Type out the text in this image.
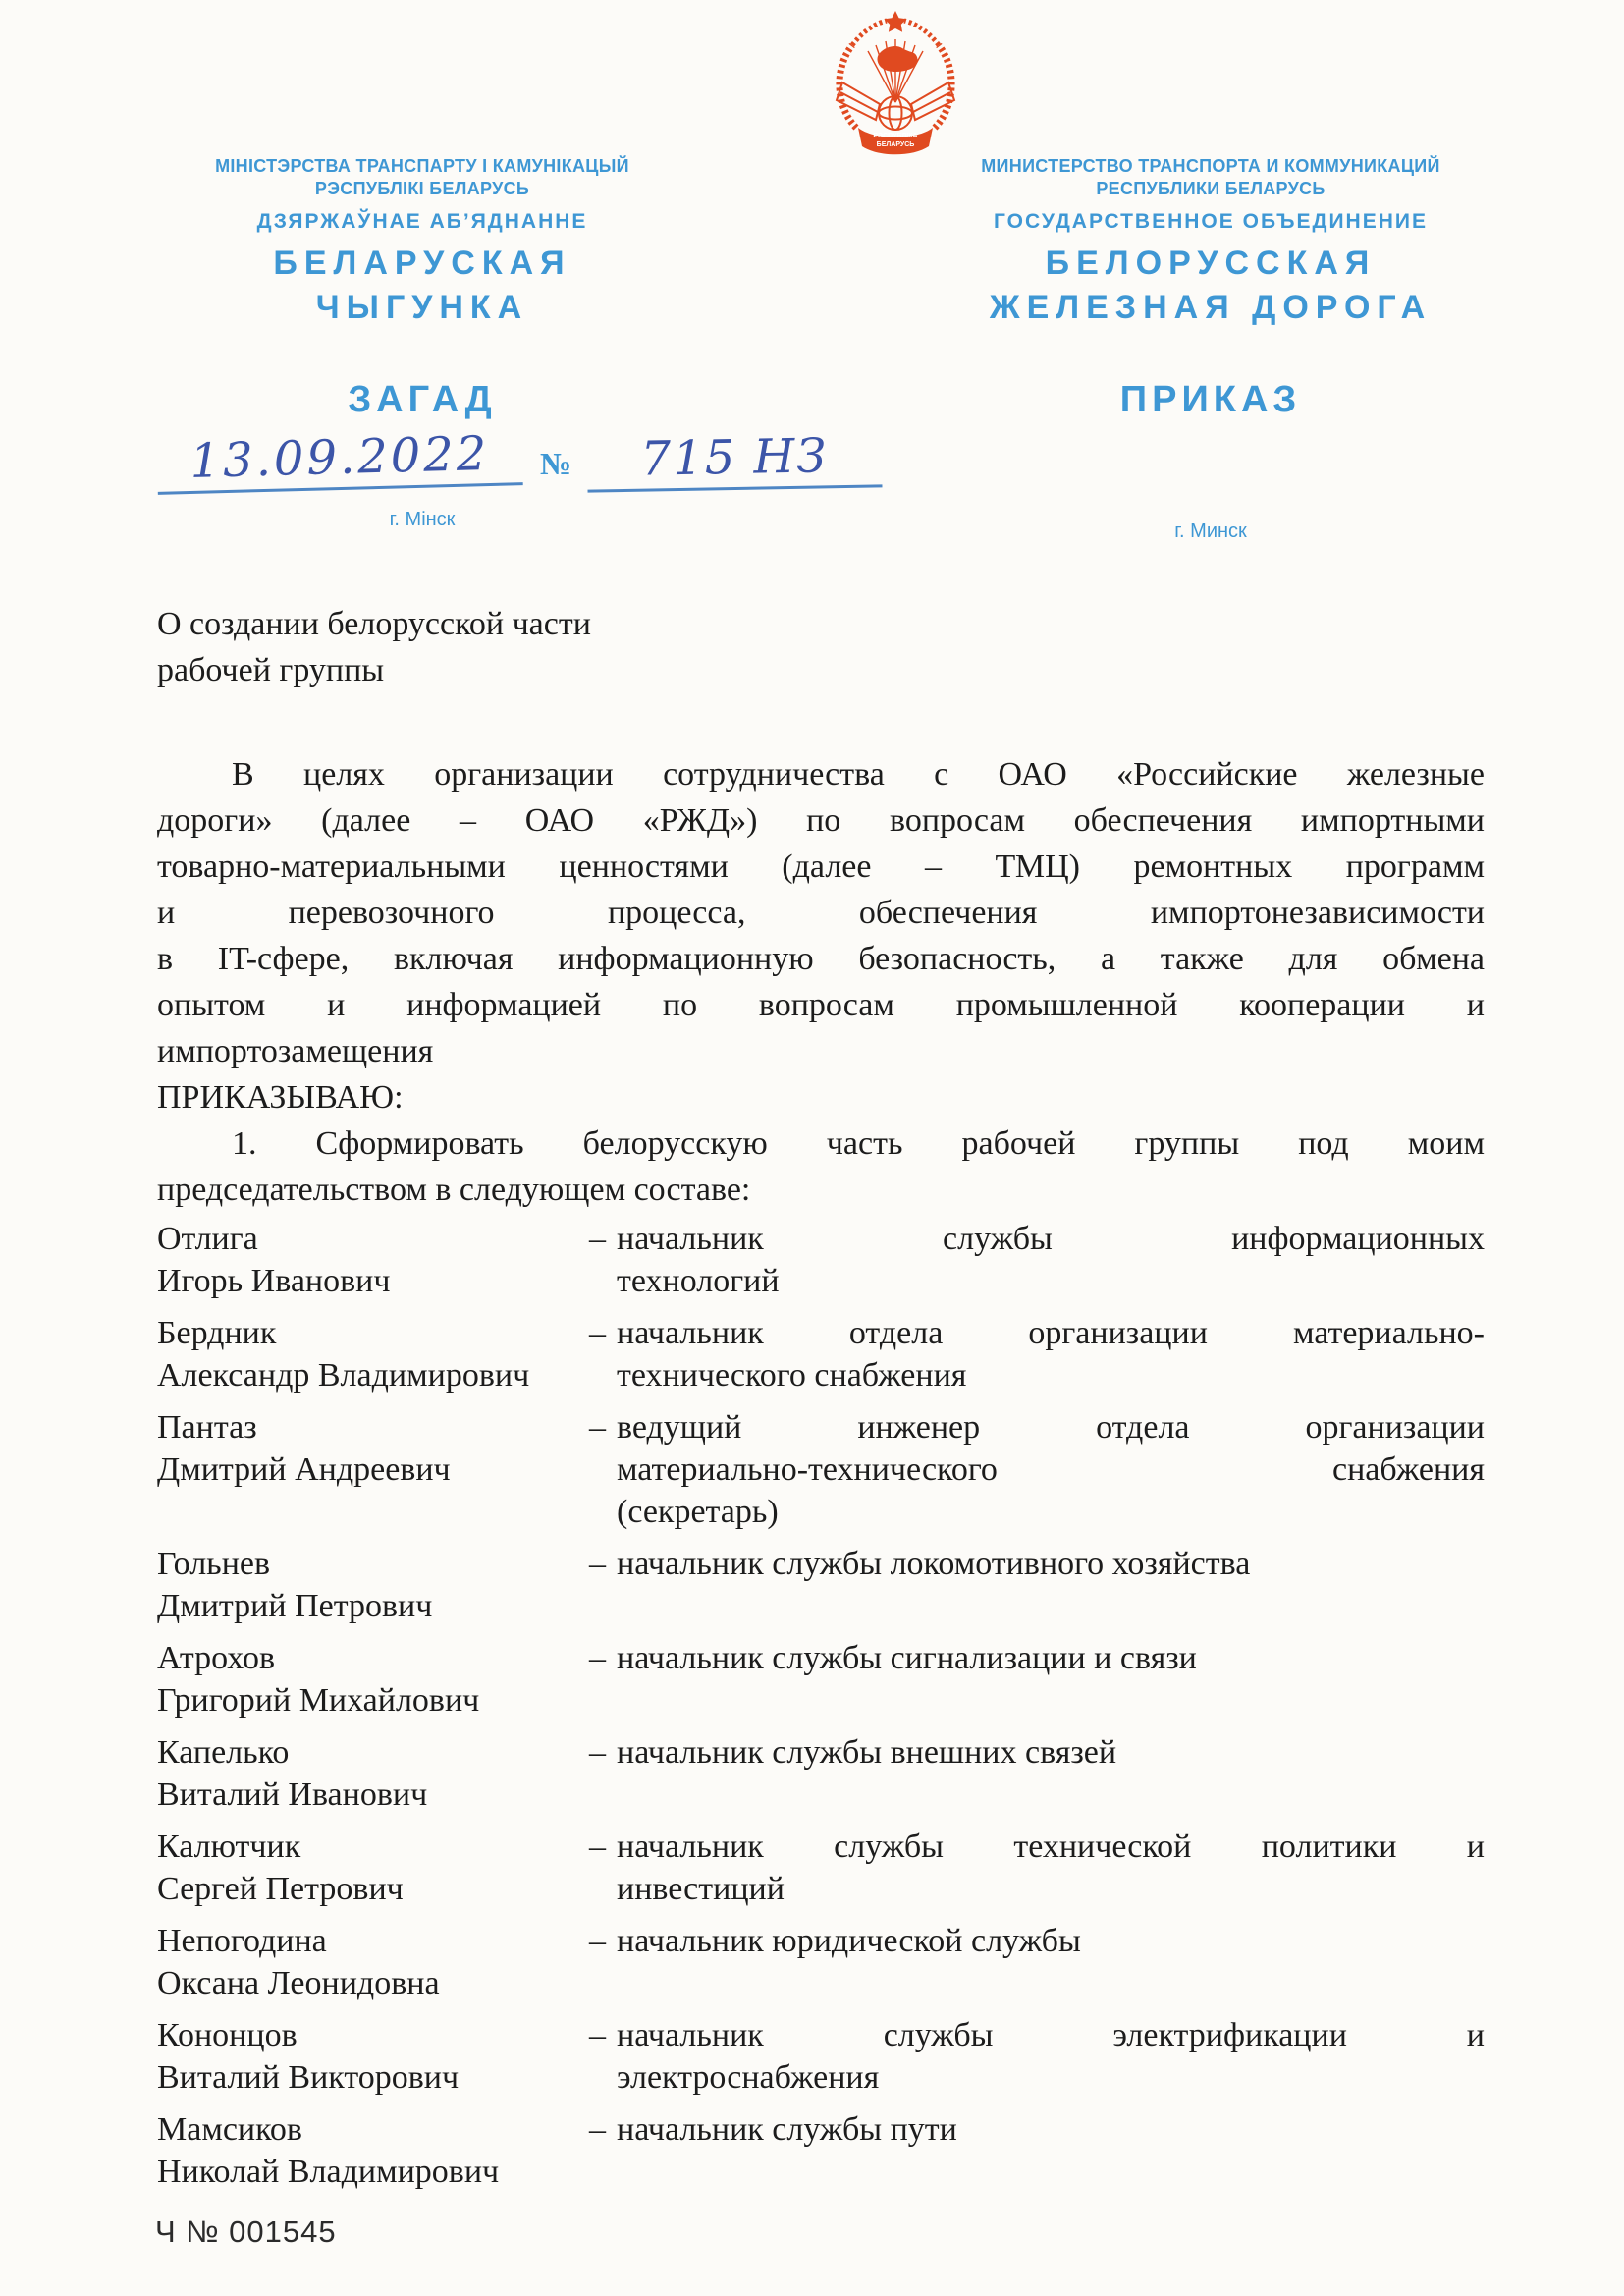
РЭСПУБЛІКА
БЕЛАРУСЬ
МІНІСТЭРСТВА ТРАНСПАРТУ І КАМУНІКАЦЫЙ
РЭСПУБЛІКІ БЕЛАРУСЬ
ДЗЯРЖАЎНАЕ АБ’ЯДНАННЕ
БЕЛАРУСКАЯ
ЧЫГУНКА
ЗАГАД
МИНИСТЕРСТВО ТРАНСПОРТА И КОММУНИКАЦИЙ
РЕСПУБЛИКИ БЕЛАРУСЬ
ГОСУДАРСТВЕННОЕ ОБЪЕДИНЕНИЕ
БЕЛОРУССКАЯ
ЖЕЛЕЗНАЯ ДОРОГА
ПРИКАЗ
13.09.2022	№	715 НЗ
г. Мінск
г. Минск
О создании белорусской части
рабочей группы
В целях организации сотрудничества с ОАО «Российские железные
дороги» (далее – ОАО «РЖД») по вопросам обеспечения импортными
товарно-материальными ценностями (далее – ТМЦ) ремонтных программ
и перевозочного процесса, обеспечения импортонезависимости
в IT-сфере, включая информационную безопасность, а также для обмена
опытом и информацией по вопросам промышленной кооперации и
импортозамещения
ПРИКАЗЫВАЮ:
1. Сформировать белорусскую часть рабочей группы под моим
председательством в следующем составе:
Отлига
Игорь Иванович
– начальник службы информационных
технологий
Бердник
Александр Владимирович
– начальник отдела организации материально-
технического снабжения
Пантаз
Дмитрий Андреевич
– ведущий инженер отдела организации
материально-технического снабжения
(секретарь)
Гольнев
Дмитрий Петрович
– начальник службы локомотивного хозяйства
Атрохов
Григорий Михайлович
– начальник службы сигнализации и связи
Капелько
Виталий Иванович
– начальник службы внешних связей
Калютчик
Сергей Петрович
– начальник службы технической политики и
инвестиций
Непогодина
Оксана Леонидовна
– начальник юридической службы
Кононцов
Виталий Викторович
– начальник службы электрификации и
электроснабжения
Мамсиков
Николай Владимирович
– начальник службы пути
Ч № 001545
